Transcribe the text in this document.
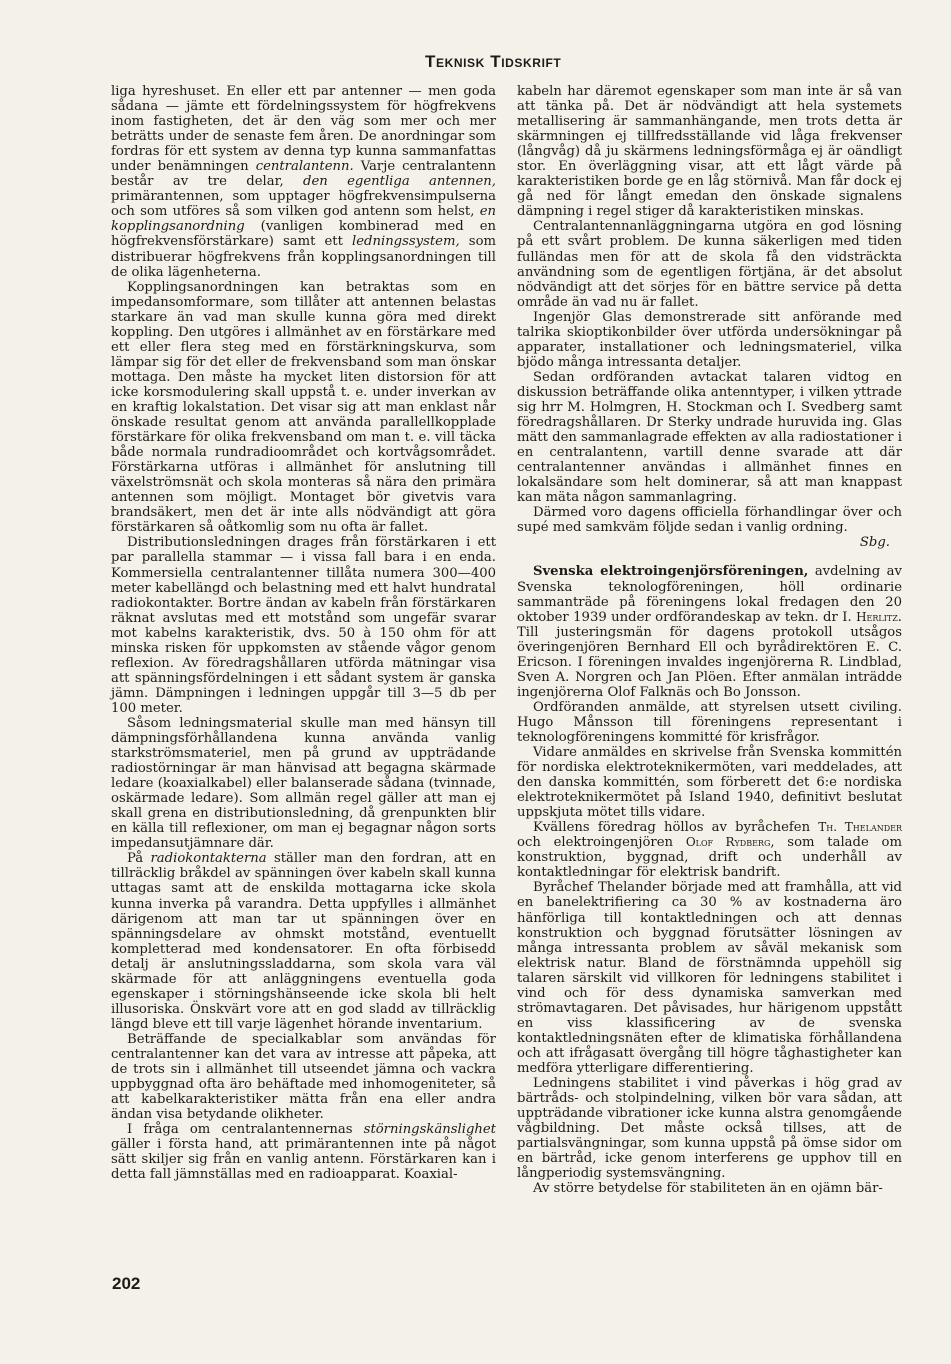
Teknisk Tidskrift

liga hyreshuset. En eller ett par antenner — men goda sådana — jämte ett fördelningssystem för högfrekvens inom fastigheten, det är den väg som mer och mer beträtts under de senaste fem åren. De anordningar som fordras för ett system av denna typ kunna sammanfattas under benämningen centralantenn. Varje centralantenn består av tre delar, den egentliga antennen, primärantennen, som upptager högfrekvensimpulserna och som utföres så som vilken god antenn som helst, en kopplingsanordning (vanligen kombinerad med en högfrekvensförstärkare) samt ett ledningssystem, som distribuerar högfrekvens från kopplingsanordningen till de olika lägenheterna.

Kopplingsanordningen kan betraktas som en impedansomformare, som tillåter att antennen belastas starkare än vad man skulle kunna göra med direkt koppling. Den utgöres i allmänhet av en förstärkare med ett eller flera steg med en förstärkningskurva, som lämpar sig för det eller de frekvensband som man önskar mottaga. Den måste ha mycket liten distorsion för att icke korsmodulering skall uppstå t. e. under inverkan av en kraftig lokalstation. Det visar sig att man enklast når önskade resultat genom att använda parallellkopplade förstärkare för olika frekvensband om man t. e. vill täcka både normala rundradioområdet och kortvågsområdet. Förstärkarna utföras i allmänhet för anslutning till växelströmsnät och skola monteras så nära den primära antennen som möjligt. Montaget bör givetvis vara brandsäkert, men det är inte alls nödvändigt att göra förstärkaren så oåtkomlig som nu ofta är fallet.

Distributionsledningen drages från förstärkaren i ett par parallella stammar — i vissa fall bara i en enda. Kommersiella centralantenner tillåta numera 300—400 meter kabellängd och belastning med ett halvt hundratal radiokontakter. Bortre ändan av kabeln från förstärkaren räknat avslutas med ett motstånd som ungefär svarar mot kabelns karakteristik, dvs. 50 à 150 ohm för att minska risken för uppkomsten av stående vågor genom reflexion. Av föredragshållaren utförda mätningar visa att spänningsfördelningen i ett sådant system är ganska jämn. Dämpningen i ledningen uppgår till 3—5 db per 100 meter.

Såsom ledningsmaterial skulle man med hänsyn till dämpningsförhållandena kunna använda vanlig starkströmsmateriel, men på grund av uppträdande radiostörningar är man hänvisad att begagna skärmade ledare (koaxialkabel) eller balanserade sådana (tvinnade, oskärmade ledare). Som allmän regel gäller att man ej skall grena en distributionsledning, då grenpunkten blir en källa till reflexioner, om man ej begagnar någon sorts impedansutjämnare där.

På radiokontakterna ställer man den fordran, att en tillräcklig bråkdel av spänningen över kabeln skall kunna uttagas samt att de enskilda mottagarna icke skola kunna inverka på varandra. Detta uppfylles i allmänhet därigenom att man tar ut spänningen över en spänningsdelare av ohmskt motstånd, eventuellt kompletterad med kondensatorer. En ofta förbisedd detalj är anslutningssladdarna, som skola vara väl skärmade för att anläggningens eventuella goda egenskaper i störningshänseende icke skola bli helt illusoriska. Önskvärt vore att en god sladd av tillräcklig längd bleve ett till varje lägenhet hörande inventarium.

Beträffande de specialkablar som användas för centralantenner kan det vara av intresse att påpeka, att de trots sin i allmänhet till utseendet jämna och vackra uppbyggnad ofta äro behäftade med inhomogeniteter, så att kabelkarakteristiker mätta från ena eller andra ändan visa betydande olikheter.

I fråga om centralantennernas störningskänslighet gäller i första hand, att primärantennen inte på något sätt skiljer sig från en vanlig antenn. Förstärkaren kan i detta fall jämnställas med en radioapparat. Koaxial-

kabeln har däremot egenskaper som man inte är så van att tänka på. Det är nödvändigt att hela systemets metallisering är sammanhängande, men trots detta är skärmningen ej tillfredsställande vid låga frekvenser (långvåg) då ju skärmens ledningsförmåga ej är oändligt stor. En överläggning visar, att ett lågt värde på karakteristiken borde ge en låg störnivå. Man får dock ej gå ned för långt emedan den önskade signalens dämpning i regel stiger då karakteristiken minskas.

Centralantennanläggningarna utgöra en god lösning på ett svårt problem. De kunna säkerligen med tiden fulländas men för att de skola få den vidsträckta användning som de egentligen förtjäna, är det absolut nödvändigt att det sörjes för en bättre service på detta område än vad nu är fallet.

Ingenjör Glas demonstrerade sitt anförande med talrika skioptikonbilder över utförda undersökningar på apparater, installationer och ledningsmateriel, vilka bjödo många intressanta detaljer.

Sedan ordföranden avtackat talaren vidtog en diskussion beträffande olika antenntyper, i vilken yttrade sig hrr M. Holmgren, H. Stockman och I. Svedberg samt föredragshållaren. Dr Sterky undrade huruvida ing. Glas mätt den sammanlagrade effekten av alla radiostationer i en centralantenn, vartill denne svarade att där centralantenner användas i allmänhet finnes en lokalsändare som helt dominerar, så att man knappast kan mäta någon sammanlagring.

Därmed voro dagens officiella förhandlingar över och supé med samkväm följde sedan i vanlig ordning.

Sbg.

Svenska elektroingenjörsföreningen, avdelning av Svenska teknologföreningen, höll ordinarie sammanträde på föreningens lokal fredagen den 20 oktober 1939 under ordförandeskap av tekn. dr I. Herlitz. Till justeringsmän för dagens protokoll utsågos överingenjören Bernhard Ell och byrådirektören E. C. Ericson. I föreningen invaldes ingenjörerna R. Lindblad, Sven A. Norgren och Jan Plöen. Efter anmälan inträdde ingenjörerna Olof Falknäs och Bo Jonsson.

Ordföranden anmälde, att styrelsen utsett civiling. Hugo Månsson till föreningens representant i teknologföreningens kommitté för krisfrågor.

Vidare anmäldes en skrivelse från Svenska kommittén för nordiska elektroteknikermöten, vari meddelades, att den danska kommittén, som förberett det 6:e nordiska elektroteknikermötet på Island 1940, definitivt beslutat uppskjuta mötet tills vidare.

Kvällens föredrag höllos av byråchefen Th. Thelander och elektroingenjören Olof Rydberg, som talade om konstruktion, byggnad, drift och underhåll av kontaktledningar för elektrisk bandrift.

Byråchef Thelander började med att framhålla, att vid en banelektrifiering ca 30 % av kostnaderna äro hänförliga till kontaktledningen och att dennas konstruktion och byggnad förutsätter lösningen av många intressanta problem av såväl mekanisk som elektrisk natur. Bland de förstnämnda uppehöll sig talaren särskilt vid villkoren för ledningens stabilitet i vind och för dess dynamiska samverkan med strömavtagaren. Det påvisades, hur härigenom uppstått en viss klassificering av de svenska kontaktledningsnäten efter de klimatiska förhållandena och att ifrågasatt övergång till högre tåghastigheter kan medföra ytterligare differentiering.

Ledningens stabilitet i vind påverkas i hög grad av bärtråds- och stolpindelning, vilken bör vara sådan, att uppträdande vibrationer icke kunna alstra genomgående vågbildning. Det måste också tillses, att de partialsvängningar, som kunna uppstå på ömse sidor om en bärtråd, icke genom interferens ge upphov till en långperiodig systemsvängning.

Av större betydelse för stabiliteten än en ojämn bär-

202
